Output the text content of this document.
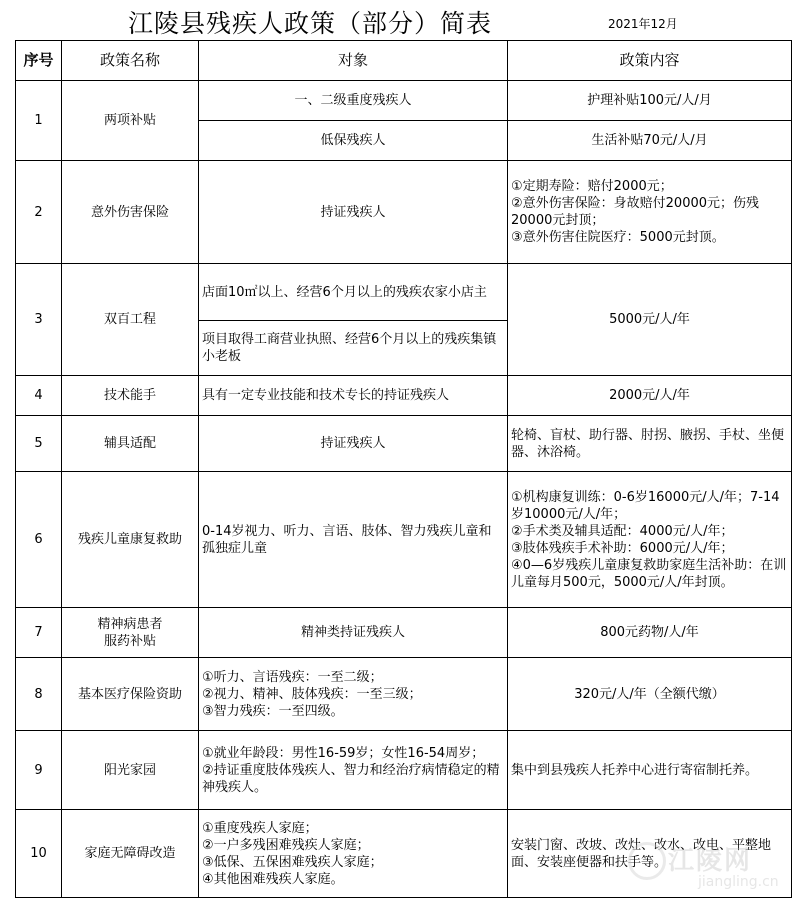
江陵县残疾人政策（部分）简表	2021年12月
序号	政策名称	对象	政策内容
1	两项补贴	一、二级重度残疾人	护理补贴100元/人/月
		低保残疾人	生活补贴70元/人/月
2	意外伤害保险	持证残疾人	①定期寿险：赔付2000元；
②意外伤害保险：身故赔付20000元；伤残20000元封顶；
③意外伤害住院医疗：5000元封顶。

3	双百工程	店面10㎡以上、经营6个月以上的残疾农家小店主	5000元/人/年
		项目取得工商营业执照、经营6个月以上的残疾集镇小老板	
4	技术能手	具有一定专业技能和技术专长的持证残疾人	2000元/人/年
5	辅具适配	持证残疾人	轮椅、盲杖、助行器、肘拐、腋拐、手杖、坐便器、沐浴椅。
6	残疾儿童康复救助	0-14岁视力、听力、言语、肢体、智力残疾儿童和孤独症儿童	①机构康复训练：0-6岁16000元/人/年；7-14岁10000元/人/年；
②手术类及辅具适配：4000元/人/年；
③肢体残疾手术补助：6000元/人/年；
④0—6岁残疾儿童康复救助家庭生活补助：在训儿童每月500元，5000元/人/年封顶。

7	精神病患者
服药补贴	精神类持证残疾人	800元药物/人/年
8	基本医疗保险资助	①听力、言语残疾：一至二级；
②视力、精神、肢体残疾：一至三级；
③智力残疾：一至四级。	320元/人/年（全额代缴）
9	阳光家园	①就业年龄段：男性16-59岁；女性16-54周岁；
②持证重度肢体残疾人、智力和经治疗病情稳定的精神残疾人。	集中到县残疾人托养中心进行寄宿制托养。
10	家庭无障碍改造	①重度残疾人家庭；
②一户多残困难残疾人家庭；
③低保、五保困难残疾人家庭；
④其他困难残疾人家庭。	安装门窗、改坡、改灶、改水、改电、平整地面、安装座便器和扶手等。 江陵网
jiangling.cn
